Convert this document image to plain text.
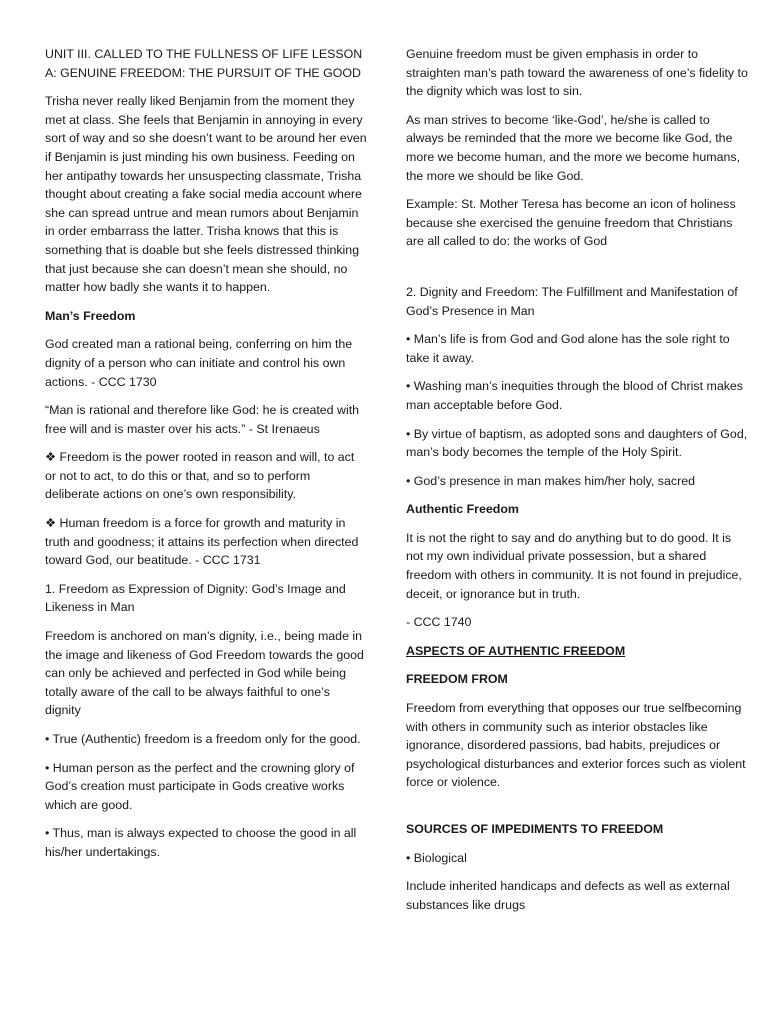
UNIT III. CALLED TO THE FULLNESS OF LIFE LESSON A: GENUINE FREEDOM: THE PURSUIT OF THE GOOD

Trisha never really liked Benjamin from the moment they met at class. She feels that Benjamin in annoying in every sort of way and so she doesn’t want to be around her even if Benjamin is just minding his own business. Feeding on her antipathy towards her unsuspecting classmate, Trisha thought about creating a fake social media account where she can spread untrue and mean rumors about Benjamin in order embarrass the latter. Trisha knows that this is something that is doable but she feels distressed thinking that just because she can doesn’t mean she should, no matter how badly she wants it to happen.

Man’s Freedom

God created man a rational being, conferring on him the dignity of a person who can initiate and control his own actions. - CCC 1730

“Man is rational and therefore like God: he is created with free will and is master over his acts.” - St Irenaeus

❖ Freedom is the power rooted in reason and will, to act or not to act, to do this or that, and so to perform deliberate actions on one’s own responsibility.

❖ Human freedom is a force for growth and maturity in truth and goodness; it attains its perfection when directed toward God, our beatitude. - CCC 1731

1. Freedom as Expression of Dignity: God’s Image and Likeness in Man

Freedom is anchored on man’s dignity, i.e., being made in the image and likeness of God Freedom towards the good can only be achieved and perfected in God while being totally aware of the call to be always faithful to one’s dignity

• True (Authentic) freedom is a freedom only for the good.

• Human person as the perfect and the crowning glory of God’s creation must participate in Gods creative works which are good.

• Thus, man is always expected to choose the good in all his/her undertakings.

Genuine freedom must be given emphasis in order to straighten man’s path toward the awareness of one’s fidelity to the dignity which was lost to sin.

As man strives to become ‘like-God’, he/she is called to always be reminded that the more we become like God, the more we become human, and the more we become humans, the more we should be like God.

Example: St. Mother Teresa has become an icon of holiness because she exercised the genuine freedom that Christians are all called to do: the works of God

2. Dignity and Freedom: The Fulfillment and Manifestation of God’s Presence in Man

• Man’s life is from God and God alone has the sole right to take it away.

• Washing man’s inequities through the blood of Christ makes man acceptable before God.

• By virtue of baptism, as adopted sons and daughters of God, man’s body becomes the temple of the Holy Spirit.

• God’s presence in man makes him/her holy, sacred

Authentic Freedom

It is not the right to say and do anything but to do good. It is not my own individual private possession, but a shared freedom with others in community. It is not found in prejudice, deceit, or ignorance but in truth.

- CCC 1740

ASPECTS OF AUTHENTIC FREEDOM

FREEDOM FROM

Freedom from everything that opposes our true selfbecoming with others in community such as interior obstacles like ignorance, disordered passions, bad habits, prejudices or psychological disturbances and exterior forces such as violent force or violence.

SOURCES OF IMPEDIMENTS TO FREEDOM

• Biological

Include inherited handicaps and defects as well as external substances like drugs
